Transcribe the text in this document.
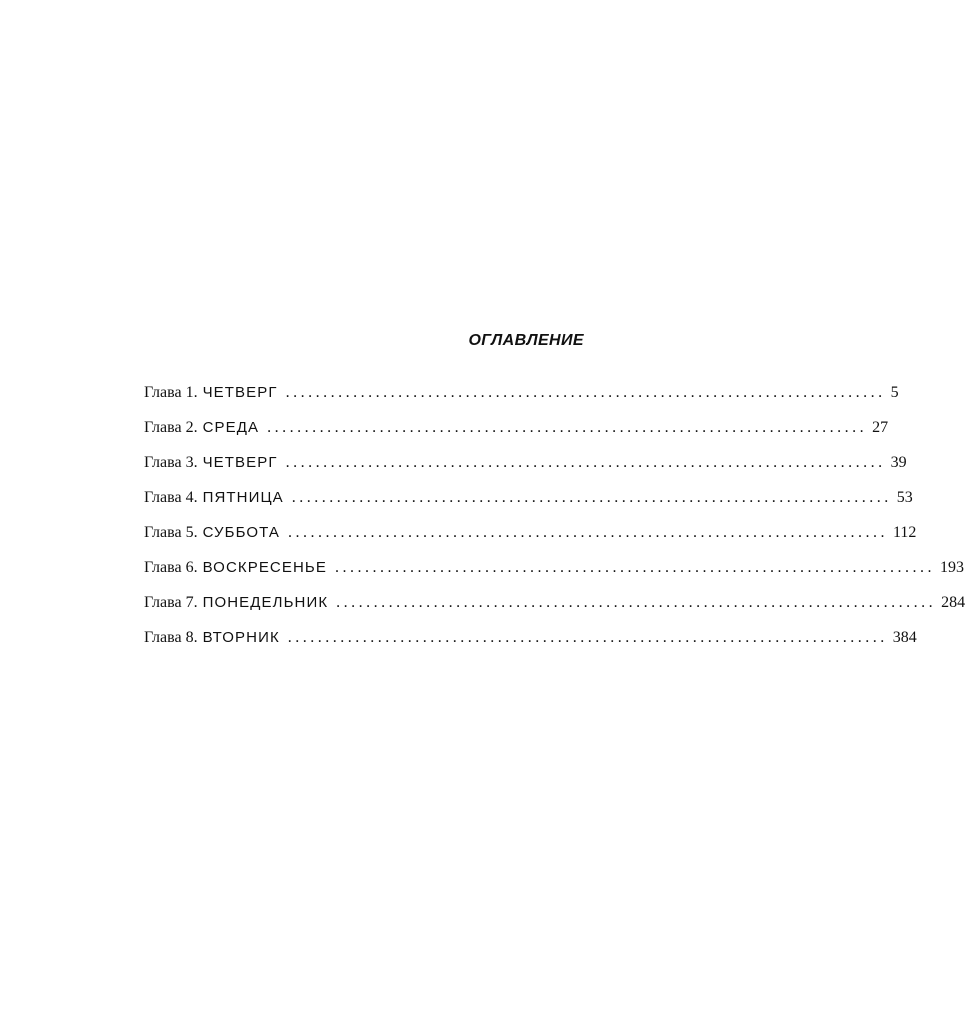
ОГЛАВЛЕНИЕ
Глава 1. ЧЕТВЕРГ ................................................................................ 5
Глава 2. СРЕДА ................................................................................ 27
Глава 3. ЧЕТВЕРГ ................................................................................ 39
Глава 4. ПЯТНИЦА ................................................................................ 53
Глава 5. СУББОТА ................................................................................ 112
Глава 6. ВОСКРЕСЕНЬЕ ................................................................................ 193
Глава 7. ПОНЕДЕЛЬНИК ................................................................................ 284
Глава 8. ВТОРНИК ................................................................................ 384
